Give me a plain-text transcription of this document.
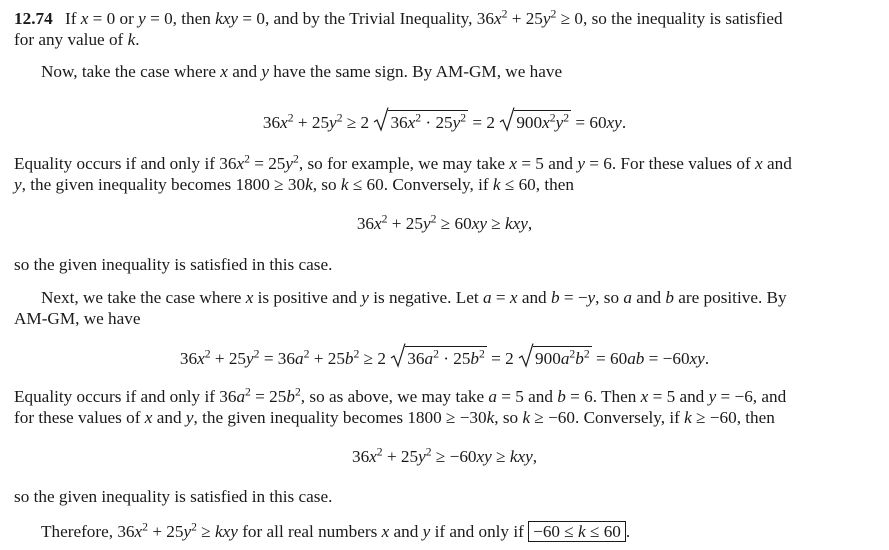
12.74 If x = 0 or y = 0, then kxy = 0, and by the Trivial Inequality, $36x^2 + 25y^2 \ge 0$, so the inequality is satisfied
for any value of k.
Now, take the case where x and y have the same sign. By AM-GM, we have
$36x^2 + 25y^2 \ge 2$
$36x^2 \cdot 25y^2 = 2$
$900x^2y^2 = 60xy$.
Equality occurs if and only if $36x^2 = 25y^2$, so for example, we may take x = 5 and y = 6. For these values of x and
y, the given inequality becomes 1800 ≥ 30k, so k ≤ 60. Conversely, if k ≤ 60, then
$36x^2 + 25y^2 \ge 60xy$ ≥ kxy,
so the given inequality is satisfied in this case.
Next, we take the case where x is positive and y is negative. Let a = x and b = −y, so a and b are positive. By
AM-GM, we have
$36x^2 + 25y^2 = 36a^2 + 25b^2 \ge 2$
$36a^2 \cdot 25b^2 = 2$
$900a^2b^2 = 60ab = -60xy$.
Equality occurs if and only if $36a^2 = 25b^2$, so as above, we may take a = 5 and b = 6. Then x = 5 and y = −6, and
for these values of x and y, the given inequality becomes 1800 ≥ −30k, so k ≥ −60. Conversely, if k ≥ −60, then
$36x^2 + 25y^2 \ge -60xy$ ≥ kxy,
so the given inequality is satisfied in this case.
Therefore, $36x^2 + 25y^2$ ≥ kxy for all real numbers x and y if and only if −60 ≤ k ≤ 60 .
